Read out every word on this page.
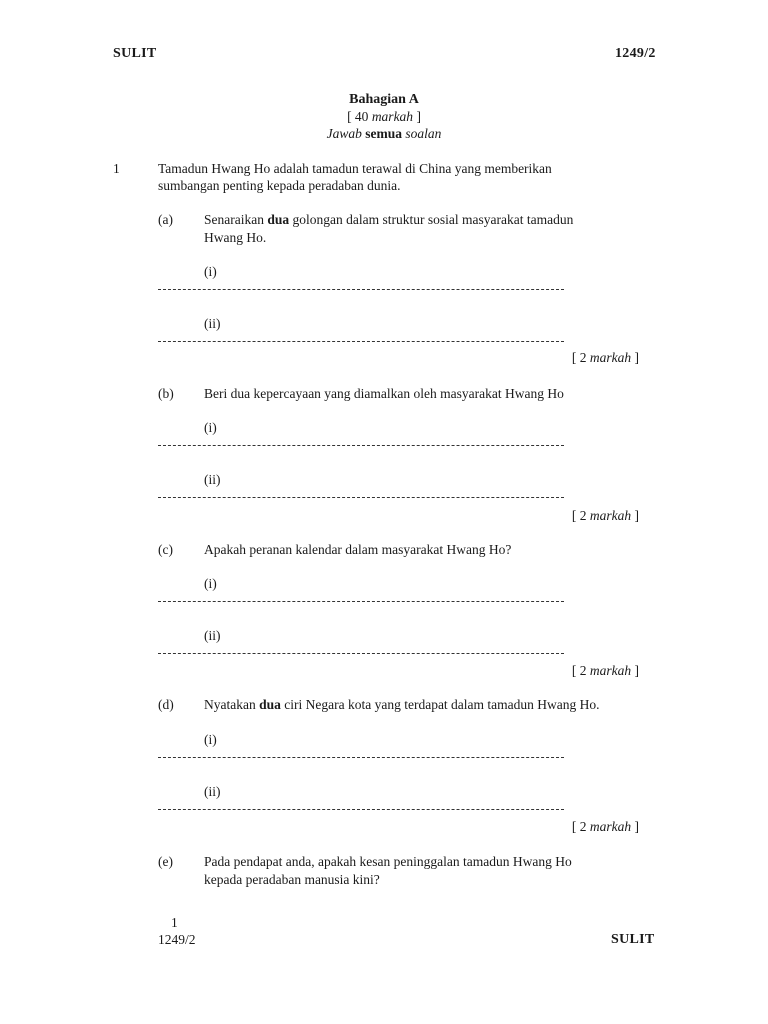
SULIT	1249/2
Bahagian A
[ 40 markah ]
Jawab semua soalan
1	Tamadun Hwang Ho adalah tamadun terawal di China yang memberikan
sumbangan penting kepada peradaban dunia.
(a) Senaraikan dua golongan dalam struktur sosial masyarakat tamadun
Hwang Ho.
(i)
(ii)
[ 2 markah ]
(b) Beri dua kepercayaan yang diamalkan oleh masyarakat Hwang Ho
(i)
(ii)
[ 2 markah ]
(c) Apakah peranan kalendar dalam masyarakat Hwang Ho?
(i)
(ii)
[ 2 markah ]
(d) Nyatakan dua ciri Negara kota yang terdapat dalam tamadun Hwang Ho.
(i)
(ii)
[ 2 markah ]
(e) Pada pendapat anda, apakah kesan peninggalan tamadun Hwang Ho
kepada peradaban manusia kini?
1
1249/2	SULIT
